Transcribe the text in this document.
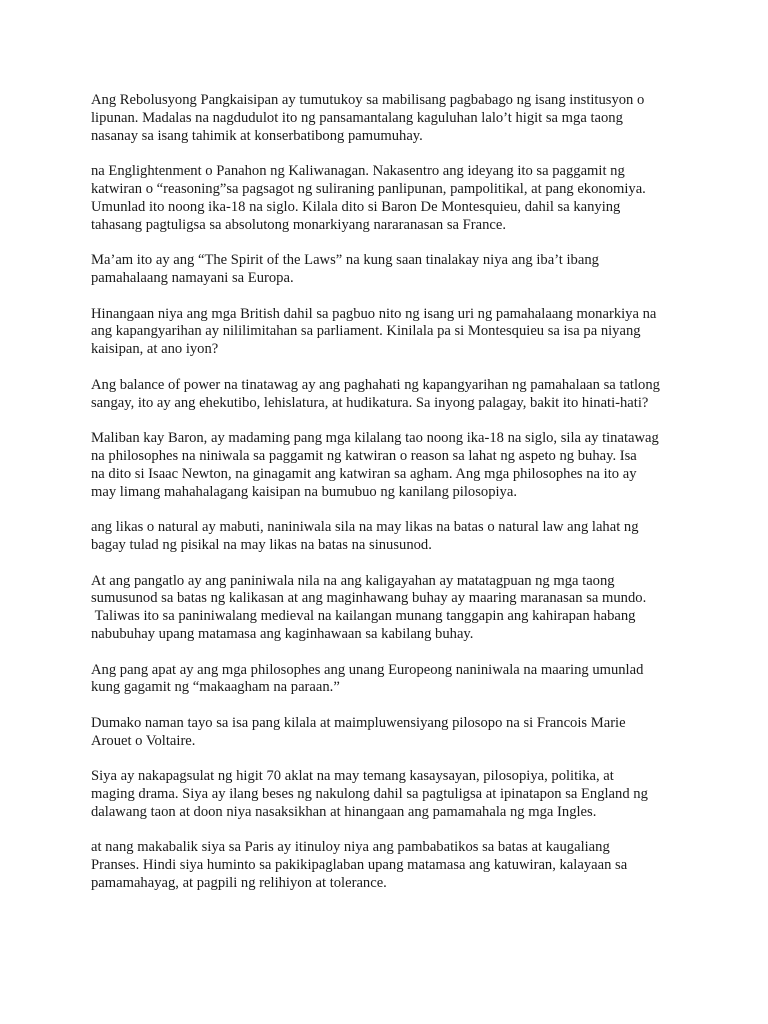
Ang Rebolusyong Pangkaisipan ay tumutukoy sa mabilisang pagbabago ng isang institusyon o
lipunan. Madalas na nagdudulot ito ng pansamantalang kaguluhan lalo’t higit sa mga taong
nasanay sa isang tahimik at konserbatibong pamumuhay.

na Englightenment o Panahon ng Kaliwanagan. Nakasentro ang ideyang ito sa paggamit ng
katwiran o “reasoning”sa pagsagot ng suliraning panlipunan, pampolitikal, at pang ekonomiya.
Umunlad ito noong ika-18 na siglo. Kilala dito si Baron De Montesquieu, dahil sa kanying
tahasang pagtuligsa sa absolutong monarkiyang nararanasan sa France.

Ma’am ito ay ang “The Spirit of the Laws” na kung saan tinalakay niya ang iba’t ibang
pamahalaang namayani sa Europa.

Hinangaan niya ang mga British dahil sa pagbuo nito ng isang uri ng pamahalaang monarkiya na
ang kapangyarihan ay nililimitahan sa parliament. Kinilala pa si Montesquieu sa isa pa niyang
kaisipan, at ano iyon?

Ang balance of power na tinatawag ay ang paghahati ng kapangyarihan ng pamahalaan sa tatlong
sangay, ito ay ang ehekutibo, lehislatura, at hudikatura. Sa inyong palagay, bakit ito hinati-hati?

Maliban kay Baron, ay madaming pang mga kilalang tao noong ika-18 na siglo, sila ay tinatawag
na philosophes na niniwala sa paggamit ng katwiran o reason sa lahat ng aspeto ng buhay. Isa
na dito si Isaac Newton, na ginagamit ang katwiran sa agham. Ang mga philosophes na ito ay
may limang mahahalagang kaisipan na bumubuo ng kanilang pilosopiya.

ang likas o natural ay mabuti, naniniwala sila na may likas na batas o natural law ang lahat ng
bagay tulad ng pisikal na may likas na batas na sinusunod.

At ang pangatlo ay ang paniniwala nila na ang kaligayahan ay matatagpuan ng mga taong
sumusunod sa batas ng kalikasan at ang maginhawang buhay ay maaring maranasan sa mundo.
Taliwas ito sa paniniwalang medieval na kailangan munang tanggapin ang kahirapan habang
nabubuhay upang matamasa ang kaginhawaan sa kabilang buhay.

Ang pang apat ay ang mga philosophes ang unang Europeong naniniwala na maaring umunlad
kung gagamit ng “makaagham na paraan.”

Dumako naman tayo sa isa pang kilala at maimpluwensiyang pilosopo na si Francois Marie
Arouet o Voltaire.

Siya ay nakapagsulat ng higit 70 aklat na may temang kasaysayan, pilosopiya, politika, at
maging drama. Siya ay ilang beses ng nakulong dahil sa pagtuligsa at ipinatapon sa England ng
dalawang taon at doon niya nasaksikhan at hinangaan ang pamamahala ng mga Ingles.

at nang makabalik siya sa Paris ay itinuloy niya ang pambabatikos sa batas at kaugaliang
Pranses. Hindi siya huminto sa pakikipaglaban upang matamasa ang katuwiran, kalayaan sa
pamamahayag, at pagpili ng relihiyon at tolerance.
